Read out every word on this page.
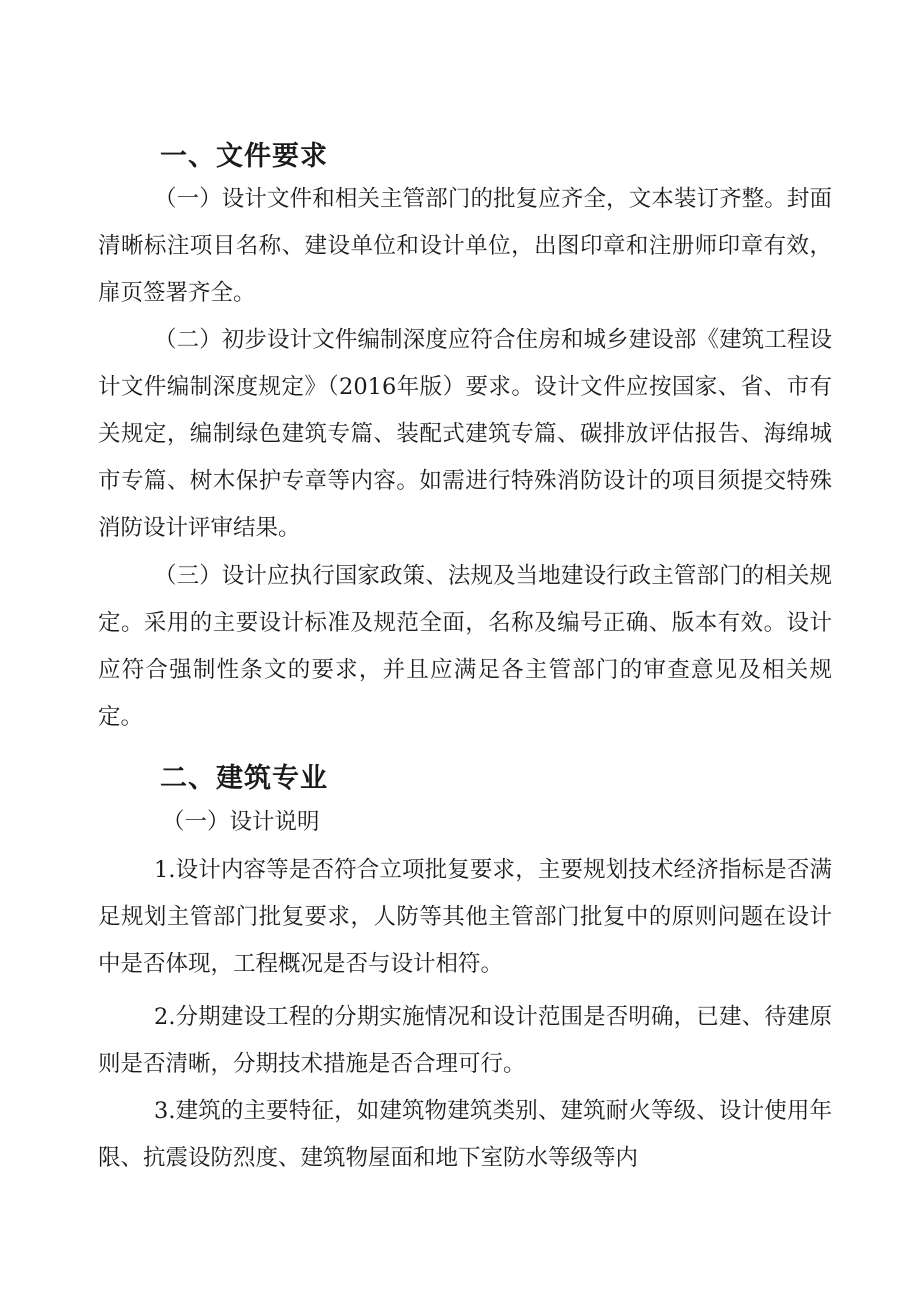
一、文件要求

（一）设计文件和相关主管部门的批复应齐全，文本装订齐整。封面清晰标注项目名称、建设单位和设计单位，出图印章和注册师印章有效，扉页签署齐全。

（二）初步设计文件编制深度应符合住房和城乡建设部《建筑工程设计文件编制深度规定》（2016年版）要求。设计文件应按国家、省、市有关规定，编制绿色建筑专篇、装配式建筑专篇、碳排放评估报告、海绵城市专篇、树木保护专章等内容。如需进行特殊消防设计的项目须提交特殊消防设计评审结果。

（三）设计应执行国家政策、法规及当地建设行政主管部门的相关规定。采用的主要设计标准及规范全面，名称及编号正确、版本有效。设计应符合强制性条文的要求，并且应满足各主管部门的审查意见及相关规定。

二、建筑专业
（一）设计说明

1.设计内容等是否符合立项批复要求，主要规划技术经济指标是否满足规划主管部门批复要求，人防等其他主管部门批复中的原则问题在设计中是否体现，工程概况是否与设计相符。

2.分期建设工程的分期实施情况和设计范围是否明确，已建、待建原则是否清晰，分期技术措施是否合理可行。

3.建筑的主要特征，如建筑物建筑类别、建筑耐火等级、设计使用年限、抗震设防烈度、建筑物屋面和地下室防水等级等内
